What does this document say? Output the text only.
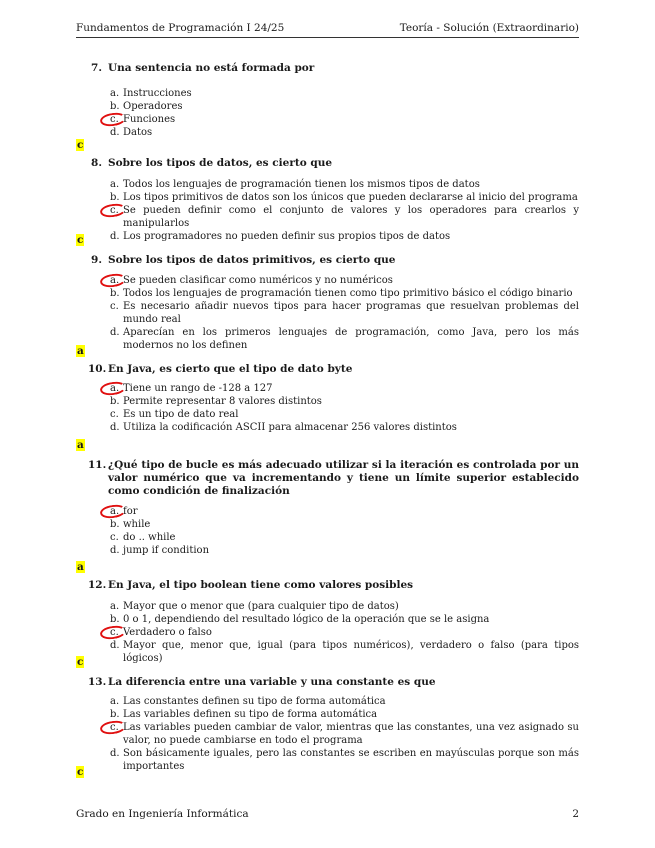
Fundamentos de Programación I 24/25	Teoría - Solución (Extraordinario)
7. Una sentencia no está formada por
a. Instrucciones
b. Operadores
c. Funciones
d. Datos
c
8. Sobre los tipos de datos, es cierto que
a. Todos los lenguajes de programación tienen los mismos tipos de datos
b. Los tipos primitivos de datos son los únicos que pueden declararse al inicio del programa
c. Se pueden definir como el conjunto de valores y los operadores para crearlos y manipularlos
d. Los programadores no pueden definir sus propios tipos de datos
c
9. Sobre los tipos de datos primitivos, es cierto que
a. Se pueden clasificar como numéricos y no numéricos
b. Todos los lenguajes de programación tienen como tipo primitivo básico el código binario
c. Es necesario añadir nuevos tipos para hacer programas que resuelvan problemas del mundo real
d. Aparecían en los primeros lenguajes de programación, como Java, pero los más modernos no los definen
a
10. En Java, es cierto que el tipo de dato byte
a. Tiene un rango de -128 a 127
b. Permite representar 8 valores distintos
c. Es un tipo de dato real
d. Utiliza la codificación ASCII para almacenar 256 valores distintos
a
11. ¿Qué tipo de bucle es más adecuado utilizar si la iteración es controlada por un valor numérico que va incrementando y tiene un límite superior establecido como condición de finalización
a. for
b. while
c. do .. while
d. jump if condition
a
12. En Java, el tipo boolean tiene como valores posibles
a. Mayor que o menor que (para cualquier tipo de datos)
b. 0 o 1, dependiendo del resultado lógico de la operación que se le asigna
c. Verdadero o falso
d. Mayor que, menor que, igual (para tipos numéricos), verdadero o falso (para tipos lógicos)
c
13. La diferencia entre una variable y una constante es que
a. Las constantes definen su tipo de forma automática
b. Las variables definen su tipo de forma automática
c. Las variables pueden cambiar de valor, mientras que las constantes, una vez asignado su valor, no puede cambiarse en todo el programa
d. Son básicamente iguales, pero las constantes se escriben en mayúsculas porque son más importantes
c
Grado en Ingeniería Informática	2
